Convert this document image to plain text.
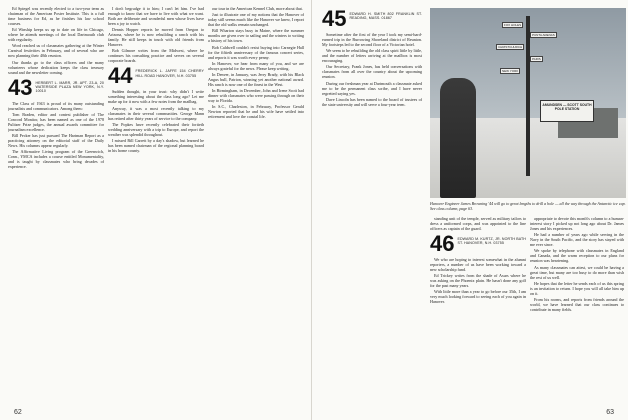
Ed Spiegel was recently elected to a two-year term as chairman of the American Poster Institute. This is a full time business for Ed, as he finishes his law school courses.

Ed Winship keeps us up to date on life in Chicago, where he attends meetings of the local Dartmouth club with regularity.

Word reached us of classmates gathering at the Winter Carnival festivities in February, and of several who are now planning their 40th reunion.

Our thanks go to the class officers and the many volunteers whose dedication keeps the class treasury sound and the newsletter coming.

43 HERBERT L. MARR, JR. APT. 23-A, 20 WATERSIDE PLAZA NEW YORK, N.Y. 10010

The Class of 1943 is proud of its many outstanding journalists and communicators. Among them:

Tom Braden, editor and contest publisher of The Concord Monitor, has been named as one of the 1978 Pulitzer Prize judges, the annual awards committee for journalism excellence.

Bill Pecker has just pursued The Hartman Report as a practicing attorney on the editorial staff of the Daily News. His columns appear regularly.

The Affirmative Living program of the Greenwich, Conn., YMCA includes a course entitled Monumentality, and is taught by classmates who bring decades of experience.

I don't begrudge it to him; I can't let him. I've had enough to know that we have to live with what we want. Both are deliberate and wonderful men whose lives have been a joy to watch.

Dennis Hopper reports he moved from Oregon to Arizona, where he is now rebuilding a ranch with his family. He still keeps in touch with old friends from Hanover.

Bob Gilmore writes from the Midwest, where he continues his consulting practice and serves on several corporate boards.

44 FREDERICK L. JAFFE 154 CHERRY HILL ROAD HANOVER, N.H. 03755

Sudden thought, in your trust: why didn't I write something interesting about the class long ago? Let me make up for it now with a few notes from the mailbag.

Anyway, it was a most recently talking to my classmates in their several communities. George Mann has retired after thirty years of service to the company.

The Popkes have recently celebrated their fortieth wedding anniversary with a trip to Europe, and report the weather was splendid throughout.

I missed Bill Garrett by a day's shadow, but learned he has been named chairman of the regional planning board in his home county.

our tour in the American Kennel Club, more about that.

Just to illustrate one of my notions that the Hanover of today still seems much like the Hanover we knew, I report that the old walks remain unchanged.

Bill Wharton stays busy in Maine, where the summer months are given over to sailing and the winters to writing a history of his town.

Bob Caldwell couldn't resist buying into Carnegie Hall for the fiftieth anniversary of the famous concert series, and reports it was worth every penny.

In Hanover, we hear from many of you, and we are always grateful for the news. Please keep writing.

In Denver, in January, was Jerry Brady, with his Black Angus bull, Patrion, winning yet another national award. His ranch is now one of the finest in the West.

In Birmingham, in December, John and Irene Scott had dinner with classmates who were passing through on their way to Florida.

In S.C., Charleston, in February, Professor Gerald Newton reported that he and his wife have settled into retirement and love the coastal life.

62
45 EDWARD H. SMITH 802 FRANKLIN ST. READING, MASS. 01867

Sometime after the first of the year I took my semi-hard-earned trip in the Burrowing Shoreland district of Reunion. My footsteps led to the second floor of a Victorian hotel.

We seem to be rebuilding the old class spirit little by little, and the number of letters arriving at the mailbox is most encouraging.

Our Secretary, Frank Jones, has held conversations with classmates from all over the country about the upcoming reunion.

During our freshman year at Dartmouth a classmate asked me to be the permanent class scribe, and I have never regretted saying yes.

Dave Lincoln has been named to the board of trustees of the state university and will serve a four-year term.

FOX HOLES
PUNTA ARENAS
CHRISTCHURCH
PARIS
NEW YORK
AMUNDSEN — SCOTT SOUTH POLE STATION
Hanover Engineer James Browning '44 will go to great lengths to drill a hole — all the way through the Antarctic ice cap. See class column, page 63.

standing unit of the temple, served as military tailors to dress a uniformed corps, and was appointed to the line officers as captain of the guard.

46 EDWARD M. KURTZ, JR. NORTH BATH ST. HANOVER, N.H. 03755

We who are hoping to interest somewhat in the alumni reporters, a number of us have been working toward a new scholarship fund.

Ed Trickey writes from the shade of Asurs where he was asking on the Phoenix plain. He hasn't done any golf for the past many years.

With little more than a year to go before our 35th, I am very much looking forward to seeing each of you again in Hanover.

appropriate to devote this month's column to a human-interest story I picked up not long ago about Dr. James Jones and his experiences.

He had a number of years ago while serving in the Navy in the South Pacific, and the story has stayed with me ever since.

We spoke by telephone with classmates in England and Canada, and the warm reception to our plans for reunion was heartening.

As many classmates can attest, we could be having a great time, but many are too busy to do more than wish the rest of us well.

He hopes that the letter he sends each of us this spring is an invitation to return. I hope you will all take him up on it.

From his rooms, and reports from friends around the world, we have learned that our class continues to contribute in many fields.

63
